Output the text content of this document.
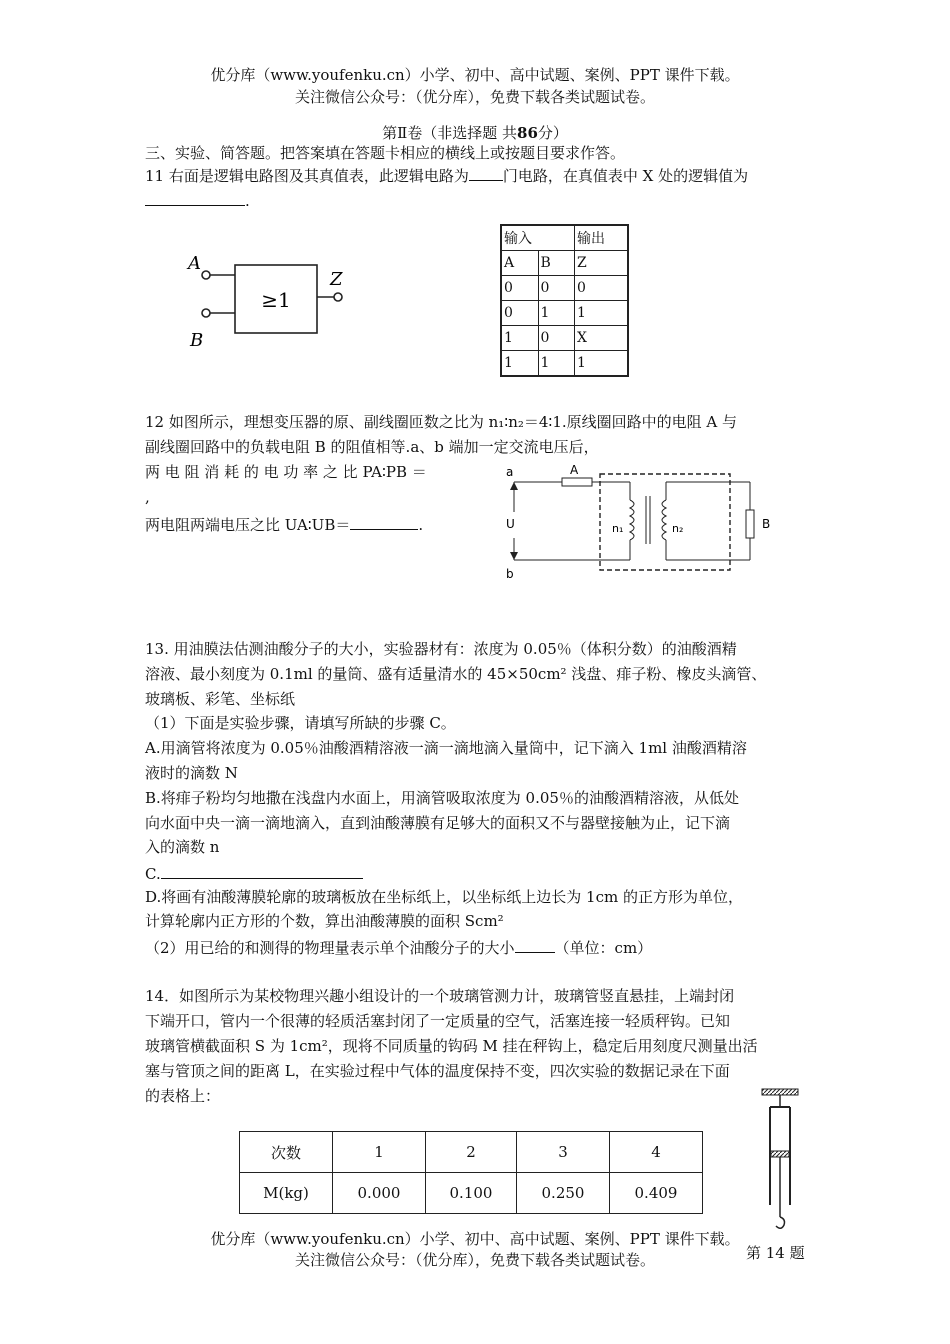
优分库（www.youfenku.cn）小学、初中、高中试题、案例、PPT 课件下载。
关注微信公众号：（优分库），免费下载各类试题试卷。
第Ⅱ卷（非选择题 共86分）
三、实验、简答题。把答案填在答题卡相应的横线上或按题目要求作答。
11 右面是逻辑电路图及其真值表，此逻辑电路为 门电路，在真值表中 X 处的逻辑值为
.
A
B
≥1
Z
输入		输出
A	B	Z
0	0	0
0	1	1
1	0	X
1	1	1
12 如图所示，理想变压器的原、副线圈匝数之比为 n₁∶n₂＝4∶1.原线圈回路中的电阻 A 与
副线圈回路中的负载电阻 B 的阻值相等.a、b 端加一定交流电压后，
两 电 阻 消 耗 的 电 功 率 之 比 PA∶PB ＝
,
两电阻两端电压之比 UA∶UB＝	.
a
b
U
A
n₁	n₂	B
13. 用油膜法估测油酸分子的大小，实验器材有：浓度为 0.05％（体积分数）的油酸酒精
溶液、最小刻度为 0.1ml 的量筒、盛有适量清水的 45×50cm² 浅盘、痱子粉、橡皮头滴管、
玻璃板、彩笔、坐标纸
（1）下面是实验步骤，请填写所缺的步骤 C。
A.用滴管将浓度为 0.05％油酸酒精溶液一滴一滴地滴入量筒中，记下滴入 1ml 油酸酒精溶
液时的滴数 N
B.将痱子粉均匀地撒在浅盘内水面上，用滴管吸取浓度为 0.05％的油酸酒精溶液，从低处
向水面中央一滴一滴地滴入，直到油酸薄膜有足够大的面积又不与器壁接触为止，记下滴
入的滴数 n
C.
D.将画有油酸薄膜轮廓的玻璃板放在坐标纸上，以坐标纸上边长为 1cm 的正方形为单位，
计算轮廓内正方形的个数，算出油酸薄膜的面积 Scm²
（2）用已给的和测得的物理量表示单个油酸分子的大小	（单位：cm）
14．如图所示为某校物理兴趣小组设计的一个玻璃管测力计，玻璃管竖直悬挂，上端封闭
下端开口，管内一个很薄的轻质活塞封闭了一定质量的空气，活塞连接一轻质秤钩。已知
玻璃管横截面积 S 为 1cm²，现将不同质量的钩码 M 挂在秤钩上，稳定后用刻度尺测量出活
塞与管顶之间的距离 L，在实验过程中气体的温度保持不变，四次实验的数据记录在下面
的表格上：
次数	1	2	3	4
M(kg)	0.000	0.100	0.250	0.409
第 14 题
优分库（www.youfenku.cn）小学、初中、高中试题、案例、PPT 课件下载。
关注微信公众号：（优分库），免费下载各类试题试卷。
